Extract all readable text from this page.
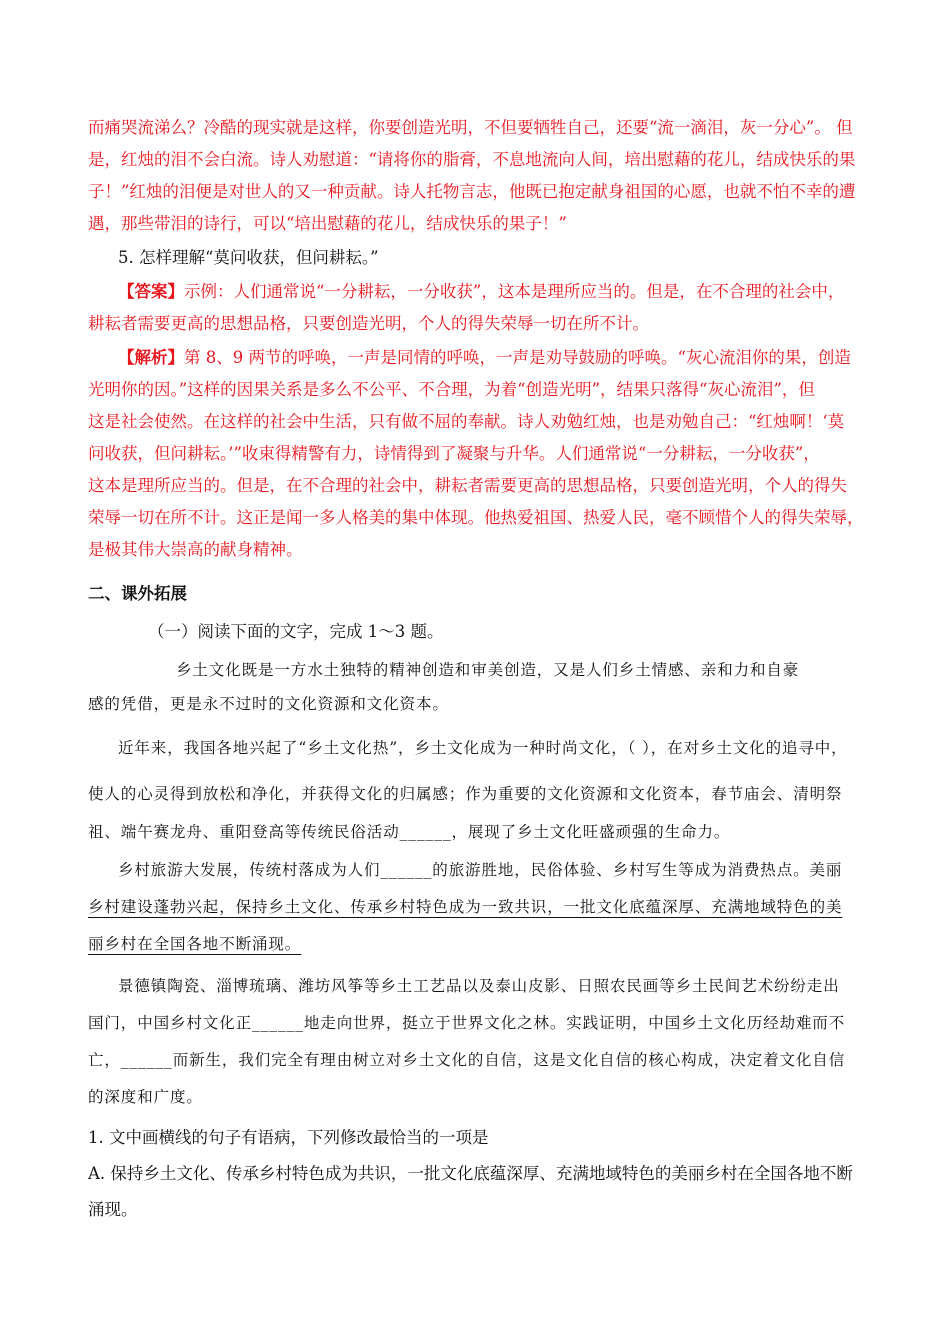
而痛哭流涕么？冷酷的现实就是这样，你要创造光明，不但要牺牲自己，还要“流一滴泪，灰一分心”。 但
是，红烛的泪不会白流。诗人劝慰道：“请将你的脂膏，不息地流向人间，培出慰藉的花儿，结成快乐的果
子！”红烛的泪便是对世人的又一种贡献。诗人托物言志，他既已抱定献身祖国的心愿，也就不怕不幸的遭
遇，那些带泪的诗行，可以“培出慰藉的花儿，结成快乐的果子！”
5. 怎样理解“莫问收获，但问耕耘。”
【答案】示例：人们通常说“一分耕耘，一分收获”，这本是理所应当的。但是，在不合理的社会中，
耕耘者需要更高的思想品格，只要创造光明，个人的得失荣辱一切在所不计。
【解析】第 8、9 两节的呼唤，一声是同情的呼唤，一声是劝导鼓励的呼唤。“灰心流泪你的果，创造
光明你的因。”这样的因果关系是多么不公平、不合理，为着“创造光明”，结果只落得“灰心流泪”，但
这是社会使然。在这样的社会中生活，只有做不屈的奉献。诗人劝勉红烛，也是劝勉自己：“红烛啊！‘莫
问收获，但问耕耘。’”收束得精警有力，诗情得到了凝聚与升华。人们通常说“一分耕耘，一分收获”，
这本是理所应当的。但是，在不合理的社会中，耕耘者需要更高的思想品格，只要创造光明，个人的得失
荣辱一切在所不计。这正是闻一多人格美的集中体现。他热爱祖国、热爱人民，毫不顾惜个人的得失荣辱，
是极其伟大崇高的献身精神。
二、课外拓展
（一）阅读下面的文字，完成 1～3 题。
乡土文化既是一方水土独特的精神创造和审美创造，又是人们乡土情感、亲和力和自豪
感的凭借，更是永不过时的文化资源和文化资本。
近年来，我国各地兴起了“乡土文化热”，乡土文化成为一种时尚文化，（ ），在对乡土文化的追寻中，
使人的心灵得到放松和净化，并获得文化的归属感；作为重要的文化资源和文化资本，春节庙会、清明祭
祖、端午赛龙舟、重阳登高等传统民俗活动______，展现了乡土文化旺盛顽强的生命力。
乡村旅游大发展，传统村落成为人们______的旅游胜地，民俗体验、乡村写生等成为消费热点。美丽
乡村建设蓬勃兴起，保持乡土文化、传承乡村特色成为一致共识，一批文化底蕴深厚、充满地域特色的美
丽乡村在全国各地不断涌现。
景德镇陶瓷、淄博琉璃、潍坊风筝等乡土工艺品以及泰山皮影、日照农民画等乡土民间艺术纷纷走出
国门，中国乡村文化正______地走向世界，挺立于世界文化之林。实践证明，中国乡土文化历经劫难而不
亡，______而新生，我们完全有理由树立对乡土文化的自信，这是文化自信的核心构成，决定着文化自信
的深度和广度。
1. 文中画横线的句子有语病，下列修改最恰当的一项是
A. 保持乡土文化、传承乡村特色成为共识，一批文化底蕴深厚、充满地域特色的美丽乡村在全国各地不断
涌现。
